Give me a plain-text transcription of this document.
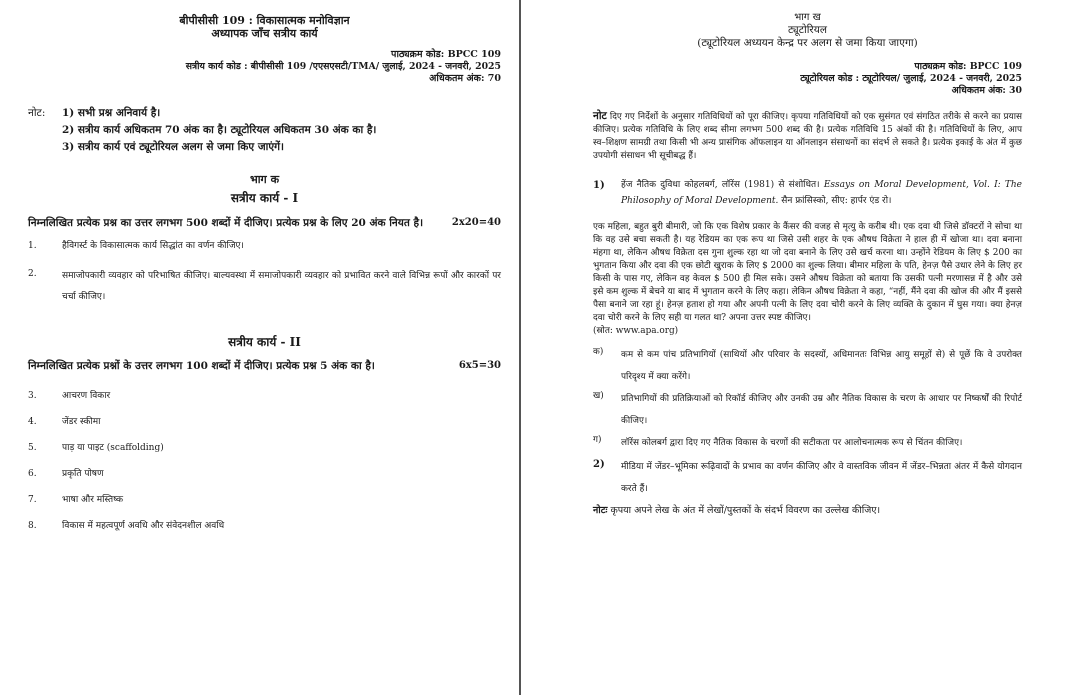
बीपीसीसी 109 : विकासात्मक मनोविज्ञान
अध्यापक जाँच सत्रीय कार्य
पाठ्यक्रम कोड: BPCC 109
सत्रीय कार्य कोड : बीपीसीसी 109 /एएसएसटी/TMA/ जुलाई, 2024 - जनवरी, 2025
अधिकतम अंक: 70
नोट:	1) सभी प्रश्न अनिवार्य है।
2) सत्रीय कार्य अधिकतम 70 अंक का है। ट्यूटोरियल अधिकतम 30 अंक का है।
3) सत्रीय कार्य एवं ट्यूटोरियल अलग से जमा किए जाएंगें।
भाग क
सत्रीय कार्य - I
निम्नलिखित प्रत्येक प्रश्न का उत्तर लगभग 500 शब्दों में दीजिए। प्रत्येक प्रश्न के लिए 20 अंक नियत है।	2x20=40
1.	हैविगर्स्ट के विकासात्मक कार्य सिद्धांत का वर्णन कीजिए।
2.	समाजोपकारी व्यवहार को परिभाषित कीजिए। बाल्यवस्था में समाजोपकारी व्यवहार को प्रभावित करने वाले विभिन्न रूपों और कारकों पर चर्चा कीजिए।
सत्रीय कार्य - II
निम्नलिखित प्रत्येक प्रश्नों के उत्तर लगभग 100 शब्दों में दीजिए। प्रत्येक प्रश्न 5 अंक का है।	6x5=30
3.	आचरण विकार
4.	जेंडर स्कीमा
5.	पाड़ या पाइट (scaffolding)
6.	प्रकृति पोषण
7.	भाषा और मस्तिष्क
8.	विकास में महत्वपूर्ण अवधि और संवेदनशील अवधि
भाग ख
ट्यूटोरियल
(ट्यूटोरियल अध्ययन केन्द्र पर अलग से जमा किया जाएगा)
पाठ्यक्रम कोड: BPCC 109
ट्यूटोरियल कोड : ट्यूटोरियल/ जुलाई, 2024 - जनवरी, 2025
अधिकतम अंक: 30
नोट दिए गए निर्देशों के अनुसार गतिविधियों को पूरा कीजिए। कृपया गतिविधियों को एक सुसंगत एवं संगठित तरीके से करने का प्रयास कीजिए। प्रत्येक गतिविधि के लिए शब्द सीमा लगभग 500 शब्द की है। प्रत्येक गतिविधि 15 अंकों की है। गतिविधियों के लिए, आप स्व–शिक्षण सामग्री तथा किसी भी अन्य प्रासंगिक ऑफलाइन या ऑनलाइन संसाधनों का संदर्भ ले सकते है। प्रत्येक इकाई के अंत में कुछ उपयोगी संसाधन भी सूचीबद्ध हैं।
1)	हेंज नैतिक दुविधा कोहलबर्ग, लॉरेंस (1981) से संशोधित। Essays on Moral Development, Vol. I: The Philosophy of Moral Development. सैन फ्रांसिस्को, सीए: हार्पर एंड रो।
एक महिला, बहुत बुरी बीमारी, जो कि एक विशेष प्रकार के कैंसर की वजह से मृत्यु के करीब थी। एक दवा थी जिसे डॉक्टरों ने सोचा था कि वह उसे बचा सकती है। यह रेडियम का एक रूप था जिसे उसी शहर के एक औषध विक्रेता ने हाल ही में खोजा था। दवा बनाना मंहगा था, लेकिन औषध विक्रेता दस गुना शुल्क रहा था जो दवा बनाने के लिए उसे खर्च करना था। उन्होंने रेडियम के लिए $ 200 का भुगतान किया और दवा की एक छोटी खुराक के लिए $ 2000 का शुल्क लिया। बीमार महिला के पति, हेनज़ पैसे उधार लेने के लिए हर किसी के पास गए, लेकिन वह केवल $ 500 ही मिल सके। उसने औषध विक्रेता को बताया कि उसकी पत्नी मरणासन्न में है और उसे इसे कम शुल्क में बेचने या बाद में भुगतान करने के लिए कहा। लेकिन औषध विक्रेता ने कहा, “नहीं, मैंने दवा की खोज की और मैं इससे पैसा बनाने जा रहा हूं। हेनज़ हताश हो गया और अपनी पत्नी के लिए दवा चोरी करने के लिए व्यक्ति के दुकान में घुस गया। क्या हेनज़ दवा चोरी करने के लिए सही या गलत था? अपना उत्तर स्पष्ट कीजिए।
(स्रोत: www.apa.org)
क)	कम से कम पांच प्रतिभागियों (साथियों और परिवार के सदस्यों, अधिमानतः विभिन्न आयु समूहों से) से पूछें कि वे उपरोक्त परिदृश्य में क्या करेंगे।
ख)	प्रतिभागियों की प्रतिक्रियाओं को रिकॉर्ड कीजिए और उनकी उम्र और नैतिक विकास के चरण के आधार पर निष्कर्षों की रिपोर्ट कीजिए।
ग)	लॉरेंस कोलबर्ग द्वारा दिए गए नैतिक विकास के चरणों की सटीकता पर आलोचनात्मक रूप से चिंतन कीजिए।
2)	मीडिया में जेंडर–भूमिका रूढ़िवादों के प्रभाव का वर्णन कीजिए और वे वास्तविक जीवन में जेंडर–भिन्नता अंतर में कैसे योगदान करते हैं।
नोटः कृपया अपने लेख के अंत में लेखों/पुस्तकों के संदर्भ विवरण का उल्लेख कीजिए।
